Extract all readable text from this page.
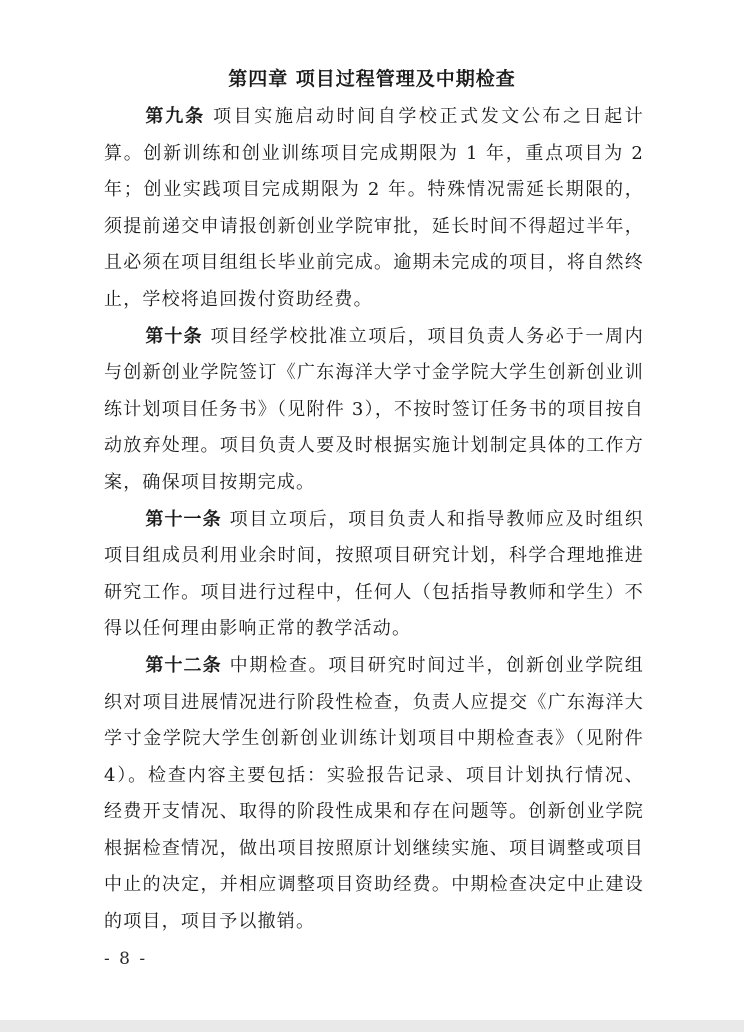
第四章 项目过程管理及中期检查

第九条 项目实施启动时间自学校正式发文公布之日起计算。创新训练和创业训练项目完成期限为 1 年，重点项目为 2 年；创业实践项目完成期限为 2 年。特殊情况需延长期限的，须提前递交申请报创新创业学院审批，延长时间不得超过半年，且必须在项目组组长毕业前完成。逾期未完成的项目，将自然终止，学校将追回拨付资助经费。

第十条 项目经学校批准立项后，项目负责人务必于一周内与创新创业学院签订《广东海洋大学寸金学院大学生创新创业训练计划项目任务书》（见附件 3），不按时签订任务书的项目按自动放弃处理。项目负责人要及时根据实施计划制定具体的工作方案，确保项目按期完成。

第十一条 项目立项后，项目负责人和指导教师应及时组织项目组成员利用业余时间，按照项目研究计划，科学合理地推进研究工作。项目进行过程中，任何人（包括指导教师和学生）不得以任何理由影响正常的教学活动。

第十二条 中期检查。项目研究时间过半，创新创业学院组织对项目进展情况进行阶段性检查，负责人应提交《广东海洋大学寸金学院大学生创新创业训练计划项目中期检查表》（见附件 4）。检查内容主要包括：实验报告记录、项目计划执行情况、经费开支情况、取得的阶段性成果和存在问题等。创新创业学院根据检查情况，做出项目按照原计划继续实施、项目调整或项目中止的决定，并相应调整项目资助经费。中期检查决定中止建设的项目，项目予以撤销。

- 8 -
